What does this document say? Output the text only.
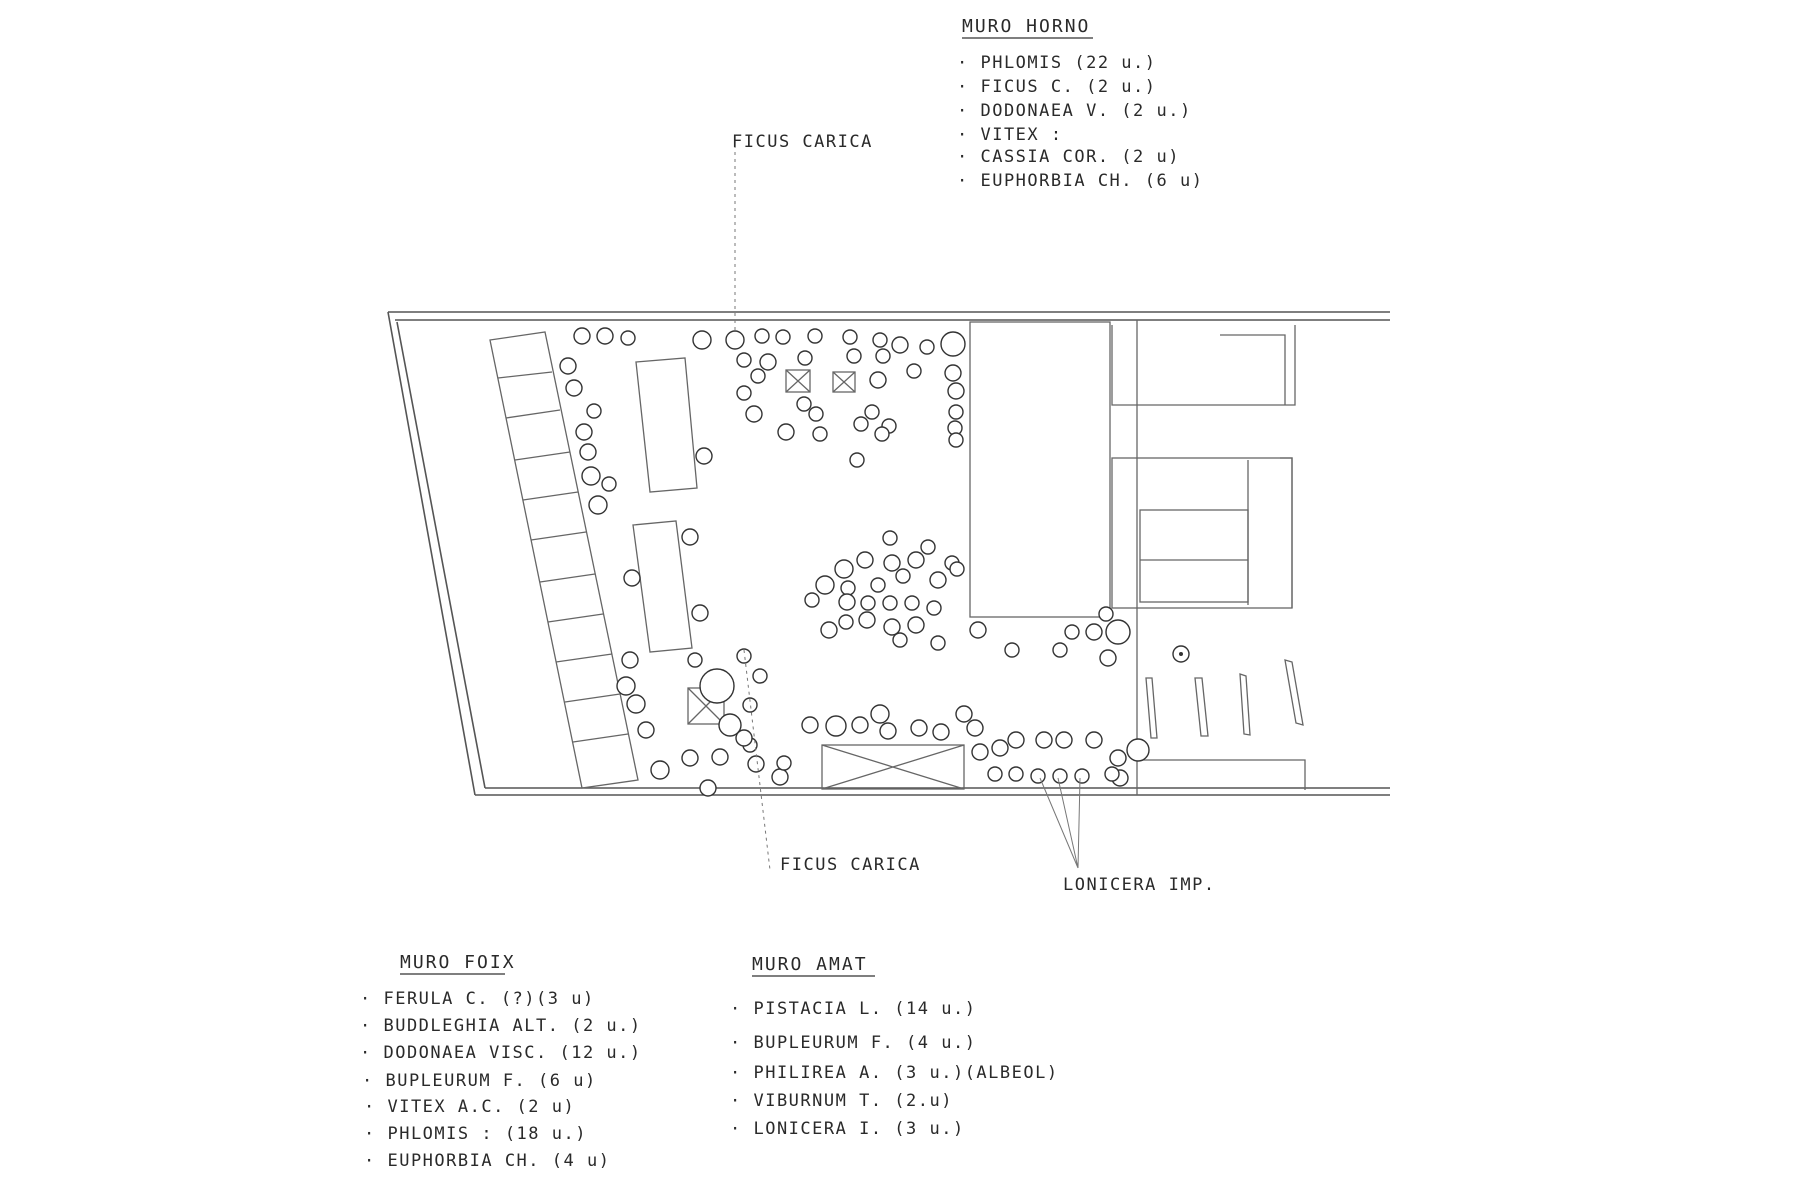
FICUS CARICA
FICUS CARICA
LONICERA IMP.
MURO HORNO
· PHLOMIS (22 u.)
· FICUS C. (2 u.)
· DODONAEA V. (2 u.)
· VITEX :
· CASSIA COR. (2 u)
· EUPHORBIA CH. (6 u)
MURO FOIX
· FERULA C. (?)(3 u)
· BUDDLEGHIA ALT. (2 u.)
· DODONAEA VISC. (12 u.)
· BUPLEURUM F. (6 u)
· VITEX A.C. (2 u)
· PHLOMIS : (18 u.)
· EUPHORBIA CH. (4 u)
MURO AMAT
· PISTACIA L. (14 u.)
· BUPLEURUM F. (4 u.)
· PHILIREA A. (3 u.)(ALBEOL)
· VIBURNUM T. (2.u)
· LONICERA I. (3 u.)
